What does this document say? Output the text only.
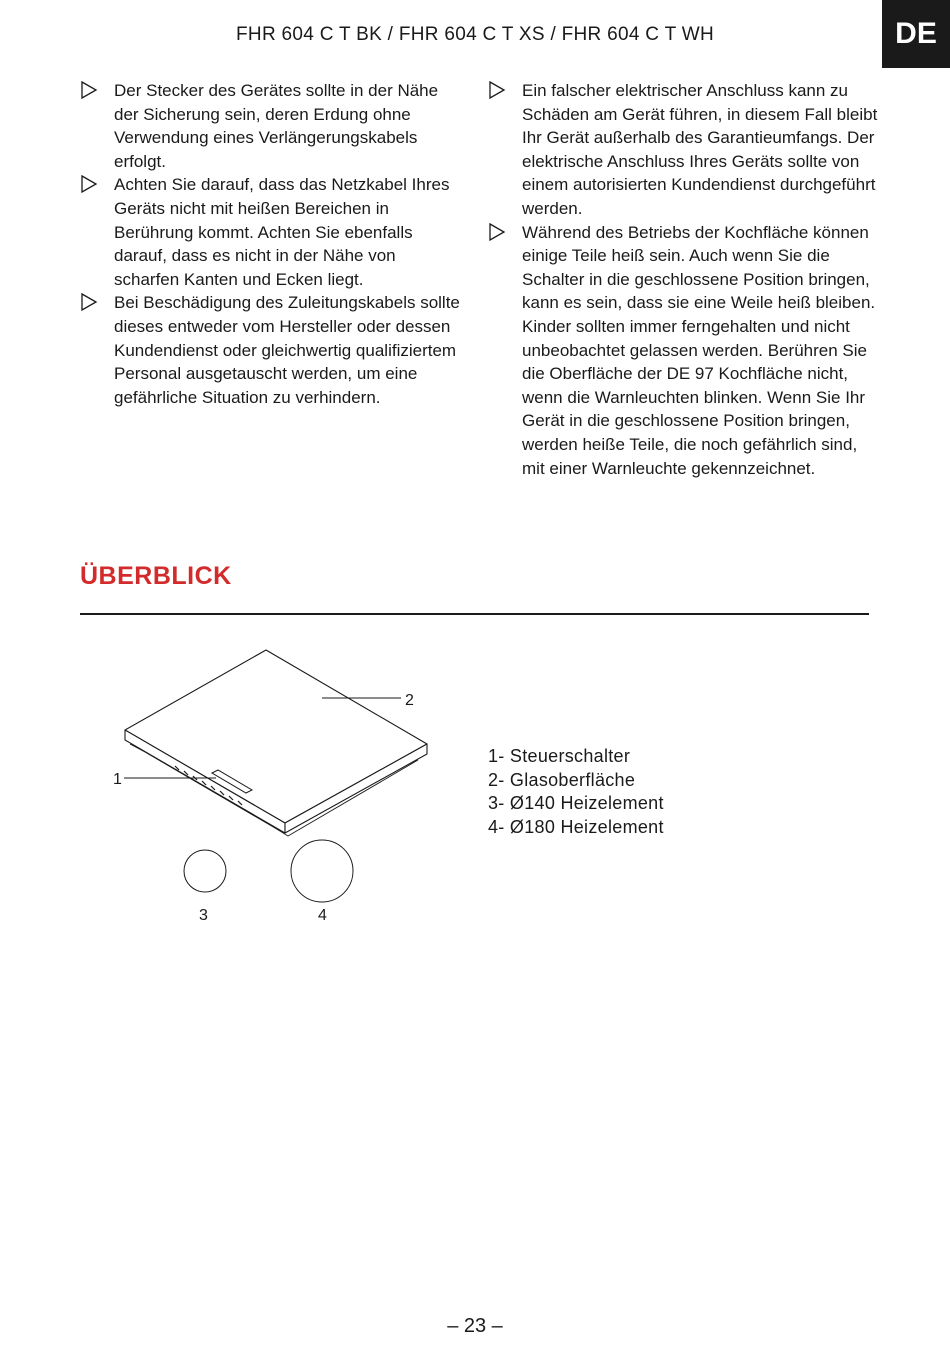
FHR 604 C T BK / FHR 604 C T XS / FHR 604 C T WH	DE
Der Stecker des Gerätes sollte in der Nähe der Sicherung sein, deren Erdung ohne Verwendung eines Verlängerungskabels erfolgt.
Achten Sie darauf, dass das Netzkabel Ihres Geräts nicht mit heißen Bereichen in Berührung kommt. Achten Sie ebenfalls darauf, dass es nicht in der Nähe von scharfen Kanten und Ecken liegt.
Bei Beschädigung des Zuleitungskabels sollte dieses entweder vom Hersteller oder dessen Kundendienst oder gleichwertig qualifiziertem Personal ausgetauscht werden, um eine gefährliche Situation zu verhindern.
Ein falscher elektrischer Anschluss kann zu Schäden am Gerät führen, in diesem Fall bleibt Ihr Gerät außerhalb des Garantieumfangs. Der elektrische Anschluss Ihres Geräts sollte von einem autorisierten Kundendienst durchgeführt werden.
Während des Betriebs der Kochfläche können einige Teile heiß sein. Auch wenn Sie die Schalter in die geschlossene Position bringen, kann es sein, dass sie eine Weile heiß bleiben. Kinder sollten immer ferngehalten und nicht unbeobachtet gelassen werden. Berühren Sie die Oberfläche der DE 97 Kochfläche nicht, wenn die Warnleuchten blinken. Wenn Sie Ihr Gerät in die geschlossene Position bringen, werden heiße Teile, die noch gefährlich sind, mit einer Warnleuchte gekennzeichnet.
ÜBERBLICK
1
2
3	4
1- Steuerschalter
2- Glasoberfläche
3- Ø140 Heizelement
4- Ø180 Heizelement
– 23 –
